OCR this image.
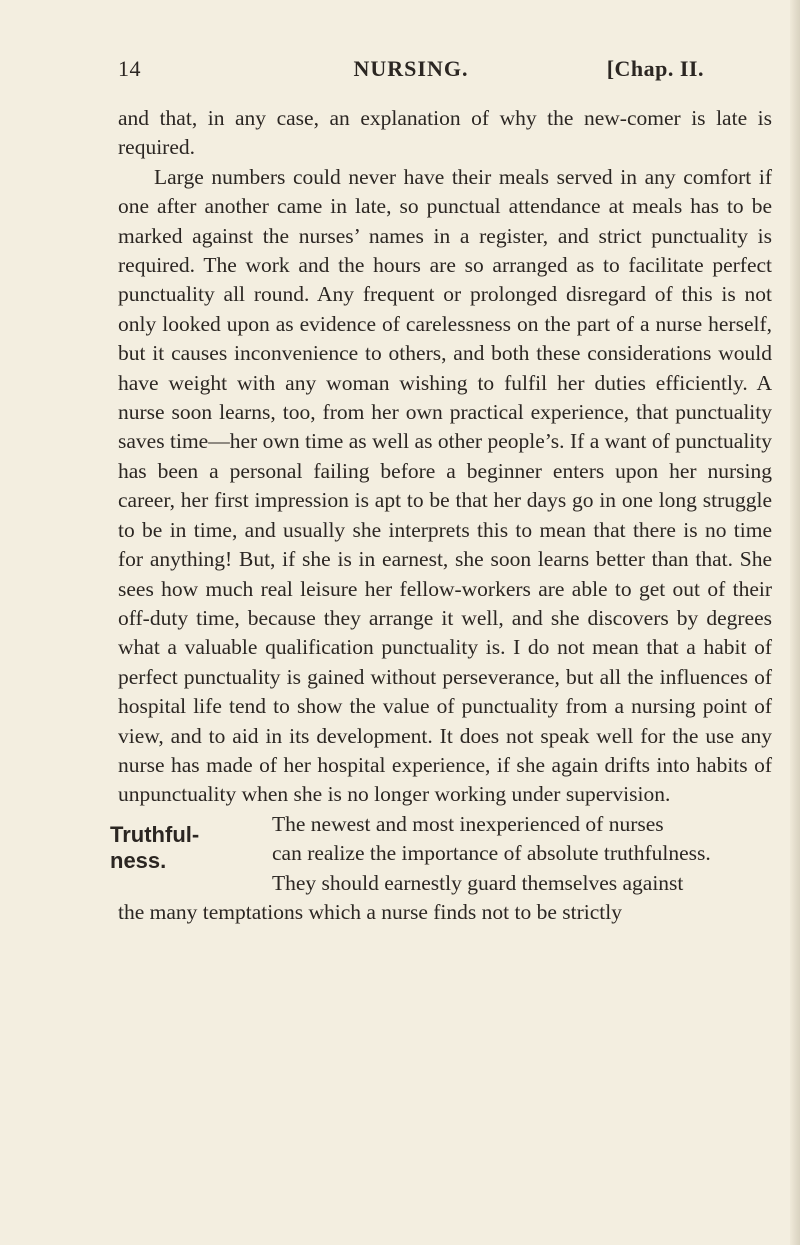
14	NURSING.	[Chap. II.

and that, in any case, an explanation of why the new-comer is late is required.

Large numbers could never have their meals served in any comfort if one after another came in late, so punctual attendance at meals has to be marked against the nurses’ names in a register, and strict punctuality is required. The work and the hours are so arranged as to facilitate perfect punctuality all round. Any frequent or prolonged disregard of this is not only looked upon as evidence of carelessness on the part of a nurse herself, but it causes inconvenience to others, and both these considerations would have weight with any woman wishing to fulfil her duties efficiently. A nurse soon learns, too, from her own practical experience, that punctuality saves time—her own time as well as other people’s. If a want of punctuality has been a personal failing before a beginner enters upon her nursing career, her first impression is apt to be that her days go in one long struggle to be in time, and usually she interprets this to mean that there is no time for anything! But, if she is in earnest, she soon learns better than that. She sees how much real leisure her fellow-workers are able to get out of their off-duty time, because they arrange it well, and she discovers by degrees what a valuable qualification punctuality is. I do not mean that a habit of perfect punctuality is gained without perseverance, but all the influences of hospital life tend to show the value of punctuality from a nursing point of view, and to aid in its development. It does not speak well for the use any nurse has made of her hospital experience, if she again drifts into habits of unpunctuality when she is no longer working under supervision.

Truthful-ness.

The newest and most inexperienced of nurses

can realize the importance of absolute truthfulness.

They should earnestly guard themselves against

the many temptations which a nurse finds not to be strictly
